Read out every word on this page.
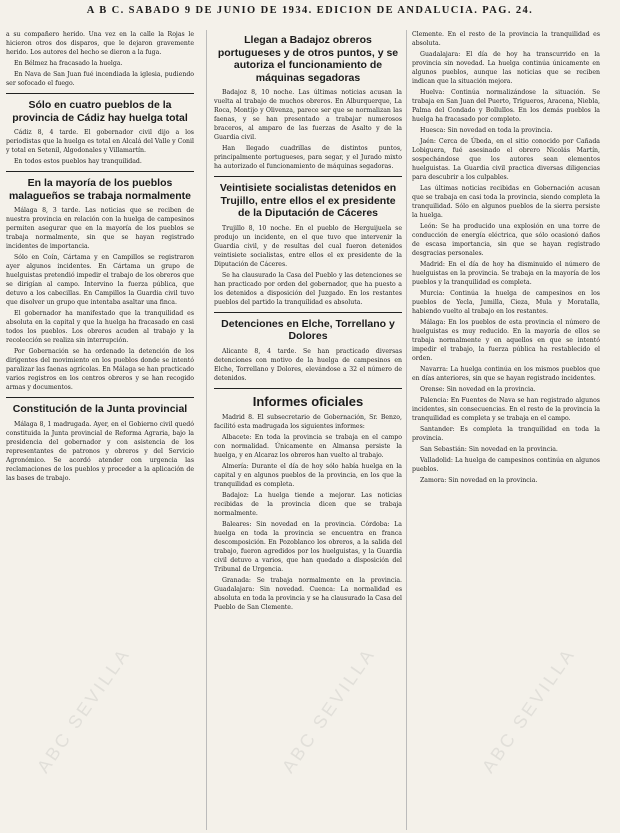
A B C. SABADO 9 DE JUNIO DE 1934. EDICION DE ANDALUCIA. PAG. 24.
a su compañero herido. Una vez en la calle la Rojas le hicieron otros dos disparos, que le dejaron gravemente herido. Los autores del hecho se dieron a la fuga.
En Bélmez ha fracasado la huelga.
En Nava de San Juan fué incendiada la iglesia, pudiendo ser sofocado el fuego.
Sólo en cuatro pueblos de la provincia de Cádiz hay huelga total
Cádiz 8, 4 tarde. El gobernador civil dijo a los periodistas que la huelga es total en Alcalá del Valle y Conil y total en Setenil, Algodonales y Villamartín.
En todos estos pueblos hay tranquilidad.
En la mayoría de los pueblos malagueños se trabaja normalmente
Málaga 8, 3 tarde. Las noticias que se reciben de nuestra provincia en relación con la huelga de campesinos permiten asegurar que en la mayoría de los pueblos se trabaja normalmente, sin que se hayan registrado incidentes de importancia.
Sólo en Coín, Cártama y en Campillos se registraron ayer algunos incidentes. En Cártama un grupo de huelguistas pretendió impedir el trabajo de los obreros que se dirigían al campo. Intervino la fuerza pública, que detuvo a los cabecillas. En Campillos la Guardia civil tuvo que disolver un grupo que intentaba asaltar una finca.
El gobernador ha manifestado que la tranquilidad es absoluta en la capital y que la huelga ha fracasado en casi todos los pueblos. Los obreros acuden al trabajo y la recolección se realiza sin interrupción.
Por Gobernación se ha ordenado la detención de los dirigentes del movimiento en los pueblos donde se intentó paralizar las faenas agrícolas. En Málaga se han practicado varios registros en los centros obreros y se han recogido armas y documentos.
Constitución de la Junta provincial
Málaga 8, 1 madrugada. Ayer, en el Gobierno civil quedó constituida la Junta provincial de Reforma Agraria, bajo la presidencia del gobernador y con asistencia de los representantes de patronos y obreros y del Servicio Agronómico. Se acordó atender con urgencia las reclamaciones de los pueblos y proceder a la aplicación de las bases de trabajo.
Llegan a Badajoz obreros portugueses y de otros puntos, y se autoriza el funcionamiento de máquinas segadoras
Badajoz 8, 10 noche. Las últimas noticias acusan la vuelta al trabajo de muchos obreros. En Alburquerque, La Roca, Montijo y Olivenza, parece ser que se normalizan las faenas, y se han presentado a trabajar numerosos braceros, al amparo de las fuerzas de Asalto y de la Guardia civil.
Han llegado cuadrillas de distintos puntos, principalmente portugueses, para segar, y el Jurado mixto ha autorizado el funcionamiento de máquinas segadoras.
Veintisiete socialistas detenidos en Trujillo, entre ellos el ex presidente de la Diputación de Cáceres
Trujillo 8, 10 noche. En el pueblo de Herguijuela se produjo un incidente, en el que tuvo que intervenir la Guardia civil, y de resultas del cual fueron detenidos veintisiete socialistas, entre ellos el ex presidente de la Diputación de Cáceres.
Se ha clausurado la Casa del Pueblo y las detenciones se han practicado por orden del gobernador, que ha puesto a los detenidos a disposición del Juzgado. En los restantes pueblos del partido la tranquilidad es absoluta.
Detenciones en Elche, Torrellano y Dolores
Alicante 8, 4 tarde. Se han practicado diversas detenciones con motivo de la huelga de campesinos en Elche, Torrellano y Dolores, elevándose a 32 el número de detenidos.
Informes oficiales
Madrid 8. El subsecretario de Gobernación, Sr. Benzo, facilitó esta madrugada los siguientes informes:
Albacete: En toda la provincia se trabaja en el campo con normalidad. Únicamente en Almansa persiste la huelga, y en Alcaraz los obreros han vuelto al trabajo.
Almería: Durante el día de hoy sólo había huelga en la capital y en algunos pueblos de la provincia, en los que la tranquilidad es completa.
Badajoz: La huelga tiende a mejorar. Las noticias recibidas de la provincia dicen que se trabaja normalmente.
Baleares: Sin novedad en la provincia. Córdoba: La huelga en toda la provincia se encuentra en franca descomposición. En Pozoblanco los obreros, a la salida del trabajo, fueron agredidos por los huelguistas, y la Guardia civil detuvo a varios, que han quedado a disposición del Tribunal de Urgencia.
Granada: Se trabaja normalmente en la provincia. Guadalajara: Sin novedad. Cuenca: La normalidad es absoluta en toda la provincia y se ha clausurado la Casa del Pueblo de San Clemente.
Clemente. En el resto de la provincia la tranquilidad es absoluta.
Guadalajara: El día de hoy ha transcurrido en la provincia sin novedad. La huelga continúa únicamente en algunos pueblos, aunque las noticias que se reciben indican que la situación mejora.
Huelva: Continúa normalizándose la situación. Se trabaja en San Juan del Puerto, Trigueros, Aracena, Niebla, Palma del Condado y Bollullos. En los demás pueblos la huelga ha fracasado por completo.
Huesca: Sin novedad en toda la provincia.
Jaén: Cerca de Úbeda, en el sitio conocido por Cañada Lobiguera, fué asesinado el obrero Nicolás Martín, sospechándose que los autores sean elementos huelguistas. La Guardia civil practica diversas diligencias para descubrir a los culpables.
Las últimas noticias recibidas en Gobernación acusan que se trabaja en casi toda la provincia, siendo completa la tranquilidad. Sólo en algunos pueblos de la sierra persiste la huelga.
León: Se ha producido una explosión en una torre de conducción de energía eléctrica, que sólo ocasionó daños de escasa importancia, sin que se hayan registrado desgracias personales.
Madrid: En el día de hoy ha disminuido el número de huelguistas en la provincia. Se trabaja en la mayoría de los pueblos y la tranquilidad es completa.
Murcia: Continúa la huelga de campesinos en los pueblos de Yecla, Jumilla, Cieza, Mula y Moratalla, habiendo vuelto al trabajo en los restantes.
Málaga: En los pueblos de esta provincia el número de huelguistas es muy reducido. En la mayoría de ellos se trabaja normalmente y en aquellos en que se intentó impedir el trabajo, la fuerza pública ha restablecido el orden.
Navarra: La huelga continúa en los mismos pueblos que en días anteriores, sin que se hayan registrado incidentes.
Orense: Sin novedad en la provincia.
Palencia: En Fuentes de Nava se han registrado algunos incidentes, sin consecuencias. En el resto de la provincia la tranquilidad es completa y se trabaja en el campo.
Santander: Es completa la tranquilidad en toda la provincia.
San Sebastián: Sin novedad en la provincia.
Valladolid: La huelga de campesinos continúa en algunos pueblos.
Zamora: Sin novedad en la provincia.
ABC SEVILLA	ABC SEVILLA	ABC SEVILLA
